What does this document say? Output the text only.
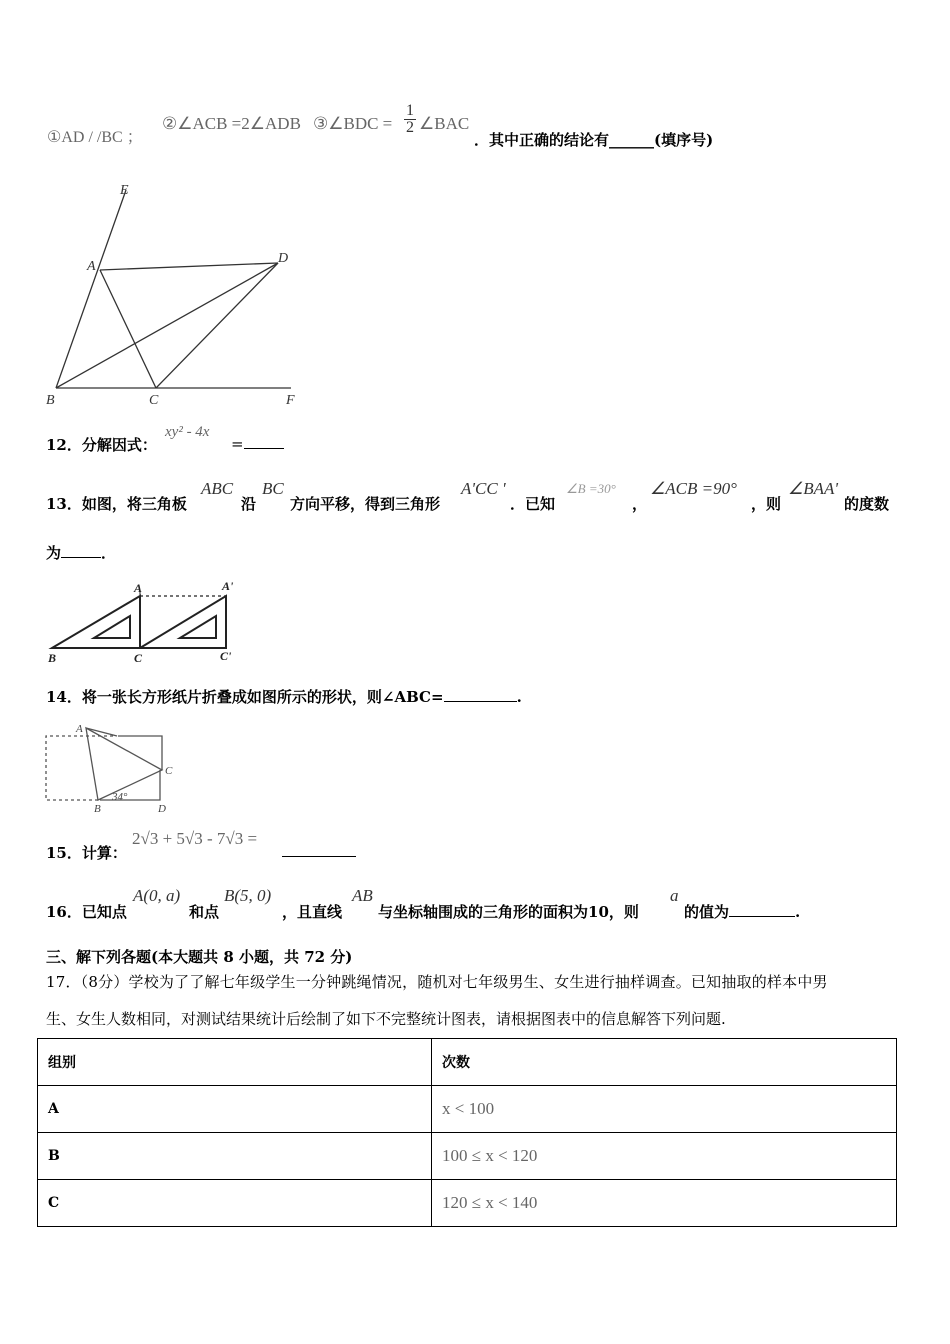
①AD / /BC ；
②∠ACB =2∠ADB ③∠BDC = $\frac{1}{2}$ ∠BAC
．其中正确的结论有______(填序号)
E
A
D
B	C	F
12．分解因式：
xy² - 4x
=
13．如图，将三角板
ABC
沿
BC
方向平移，得到三角形
A'CC '
．已知
∠B =30°
，
∠ACB =90°
，则
∠BAA'
的度数
为	．
A	A'
B	C	C'
14．将一张长方形纸片折叠成如图所示的形状，则∠ABC=	.
A
C
B	D
34°
15．计算：
2√3 + 5√3 - 7√3 =
16．已知点
A(0, a)
和点
B(5, 0)
，且直线
AB
与坐标轴围成的三角形的面积为10，则
a
的值为	.
三、解下列各题(本大题共 8 小题，共 72 分)
17．（8分）学校为了了解七年级学生一分钟跳绳情况，随机对七年级男生、女生进行抽样调查。已知抽取的样本中男
生、女生人数相同，对测试结果统计后绘制了如下不完整统计图表，请根据图表中的信息解答下列问题.
组别	次数
A	x < 100
B	100 ≤ x < 120
C	120 ≤ x < 140
